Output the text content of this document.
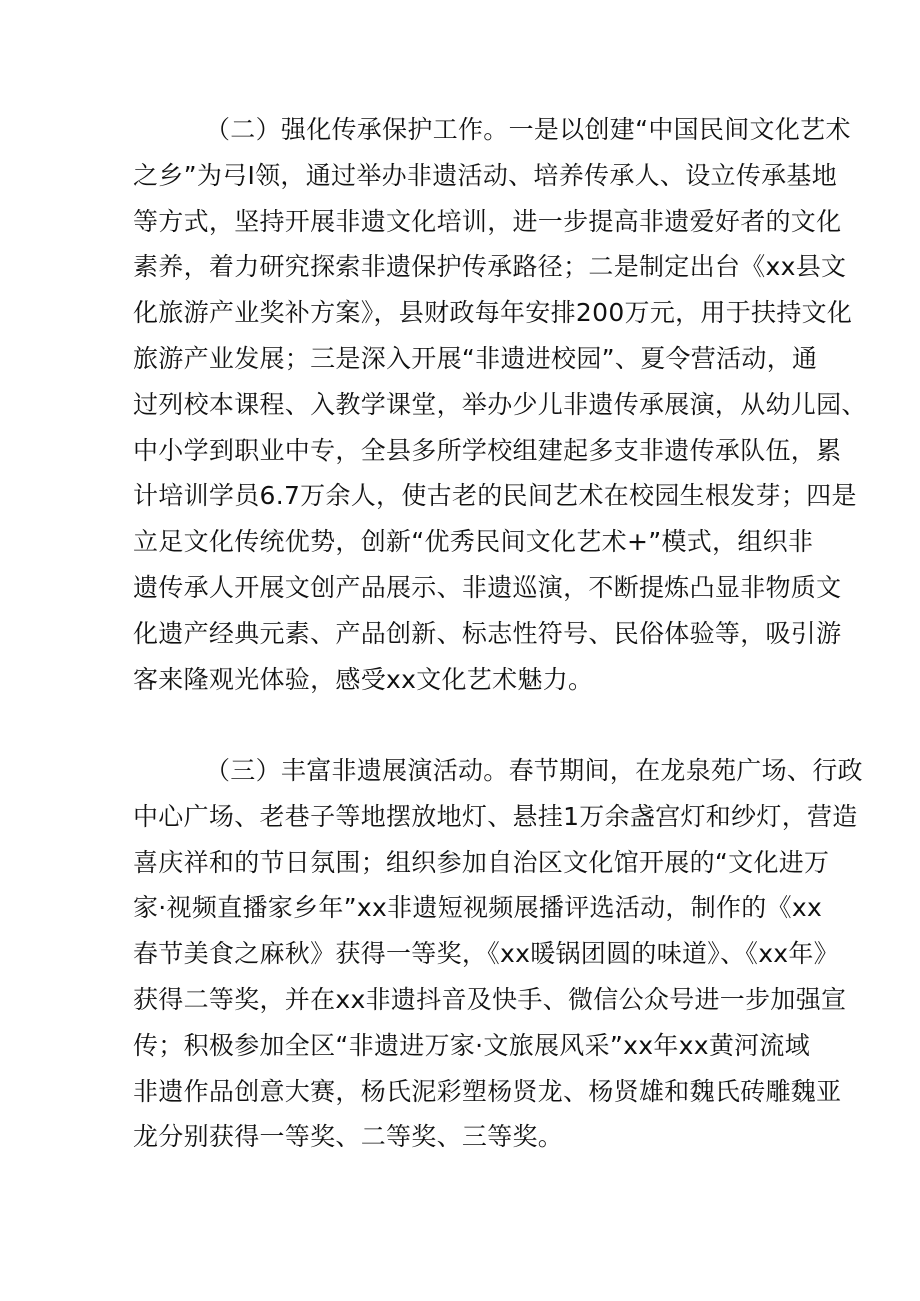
（二）强化传承保护工作。一是以创建“中国民间文化艺术
之乡”为弓I领，通过举办非遗活动、培养传承人、设立传承基地
等方式，坚持开展非遗文化培训，进一步提高非遗爱好者的文化
素养，着力研究探索非遗保护传承路径；二是制定出台《xx县文
化旅游产业奖补方案》，县财政每年安排200万元，用于扶持文化
旅游产业发展；三是深入开展“非遗进校园”、夏令营活动，通
过列校本课程、入教学课堂，举办少儿非遗传承展演，从幼儿园、
中小学到职业中专，全县多所学校组建起多支非遗传承队伍，累
计培训学员6.7万余人，使古老的民间艺术在校园生根发芽；四是
立足文化传统优势，创新“优秀民间文化艺术+”模式，组织非
遗传承人开展文创产品展示、非遗巡演，不断提炼凸显非物质文
化遗产经典元素、产品创新、标志性符号、民俗体验等，吸引游
客来隆观光体验，感受xx文化艺术魅力。
（三）丰富非遗展演活动。春节期间，在龙泉苑广场、行政
中心广场、老巷子等地摆放地灯、悬挂1万余盏宫灯和纱灯，营造
喜庆祥和的节日氛围；组织参加自治区文化馆开展的“文化进万
家·视频直播家乡年”xx非遗短视频展播评选活动，制作的《xx
春节美食之麻秋》获得一等奖，《xx暖锅团圆的味道》、《xx年》
获得二等奖，并在xx非遗抖音及快手、微信公众号进一步加强宣
传；积极参加全区“非遗进万家·文旅展风采”xx年xx黄河流域
非遗作品创意大赛，杨氏泥彩塑杨贤龙、杨贤雄和魏氏砖雕魏亚
龙分别获得一等奖、二等奖、三等奖。
